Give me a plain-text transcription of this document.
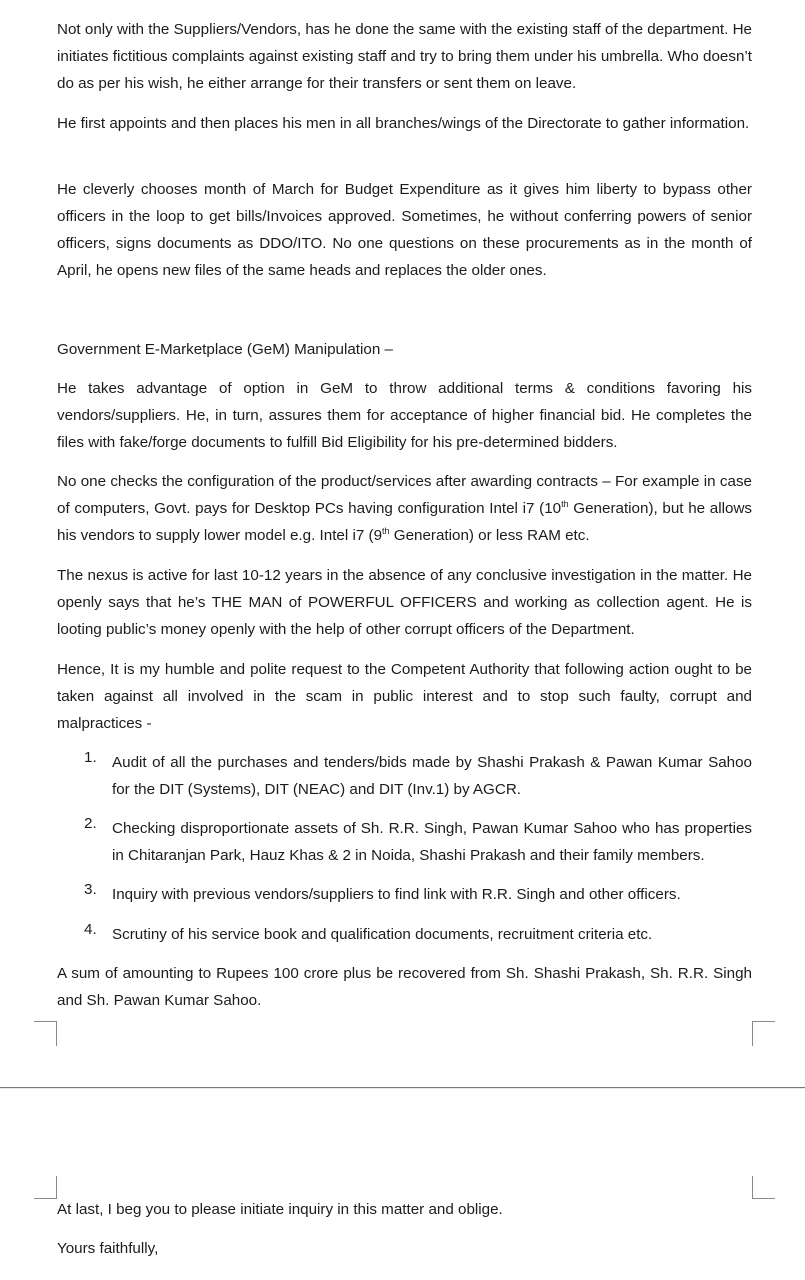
Not only with the Suppliers/Vendors, has he done the same with the existing staff of the department. He initiates fictitious complaints against existing staff and try to bring them under his umbrella. Who doesn’t do as per his wish, he either arrange for their transfers or sent them on leave.

He first appoints and then places his men in all branches/wings of the Directorate to gather information.

He cleverly chooses month of March for Budget Expenditure as it gives him liberty to bypass other officers in the loop to get bills/Invoices approved. Sometimes, he without conferring powers of senior officers, signs documents as DDO/ITO. No one questions on these procurements as in the month of April, he opens new files of the same heads and replaces the older ones.

Government E-Marketplace (GeM) Manipulation –

He takes advantage of option in GeM to throw additional terms & conditions favoring his vendors/suppliers. He, in turn, assures them for acceptance of higher financial bid. He completes the files with fake/forge documents to fulfill Bid Eligibility for his pre-determined bidders.

No one checks the configuration of the product/services after awarding contracts – For example in case of computers, Govt. pays for Desktop PCs having configuration Intel i7 (10th Generation), but he allows his vendors to supply lower model e.g. Intel i7 (9th Generation) or less RAM etc.

The nexus is active for last 10-12 years in the absence of any conclusive investigation in the matter. He openly says that he’s THE MAN of POWERFUL OFFICERS and working as collection agent. He is looting public’s money openly with the help of other corrupt officers of the Department.

Hence, It is my humble and polite request to the Competent Authority that following action ought to be taken against all involved in the scam in public interest and to stop such faulty, corrupt and malpractices -

1.	Audit of all the purchases and tenders/bids made by Shashi Prakash & Pawan Kumar Sahoo for the DIT (Systems), DIT (NEAC) and DIT (Inv.1) by AGCR.
2.	Checking disproportionate assets of Sh. R.R. Singh, Pawan Kumar Sahoo who has properties in Chitaranjan Park, Hauz Khas & 2 in Noida, Shashi Prakash and their family members.
3.	Inquiry with previous vendors/suppliers to find link with R.R. Singh and other officers.
4.	Scrutiny of his service book and qualification documents, recruitment criteria etc.

A sum of amounting to Rupees 100 crore plus be recovered from Sh. Shashi Prakash, Sh. R.R. Singh and Sh. Pawan Kumar Sahoo.

At last, I beg you to please initiate inquiry in this matter and oblige.

Yours faithfully,
